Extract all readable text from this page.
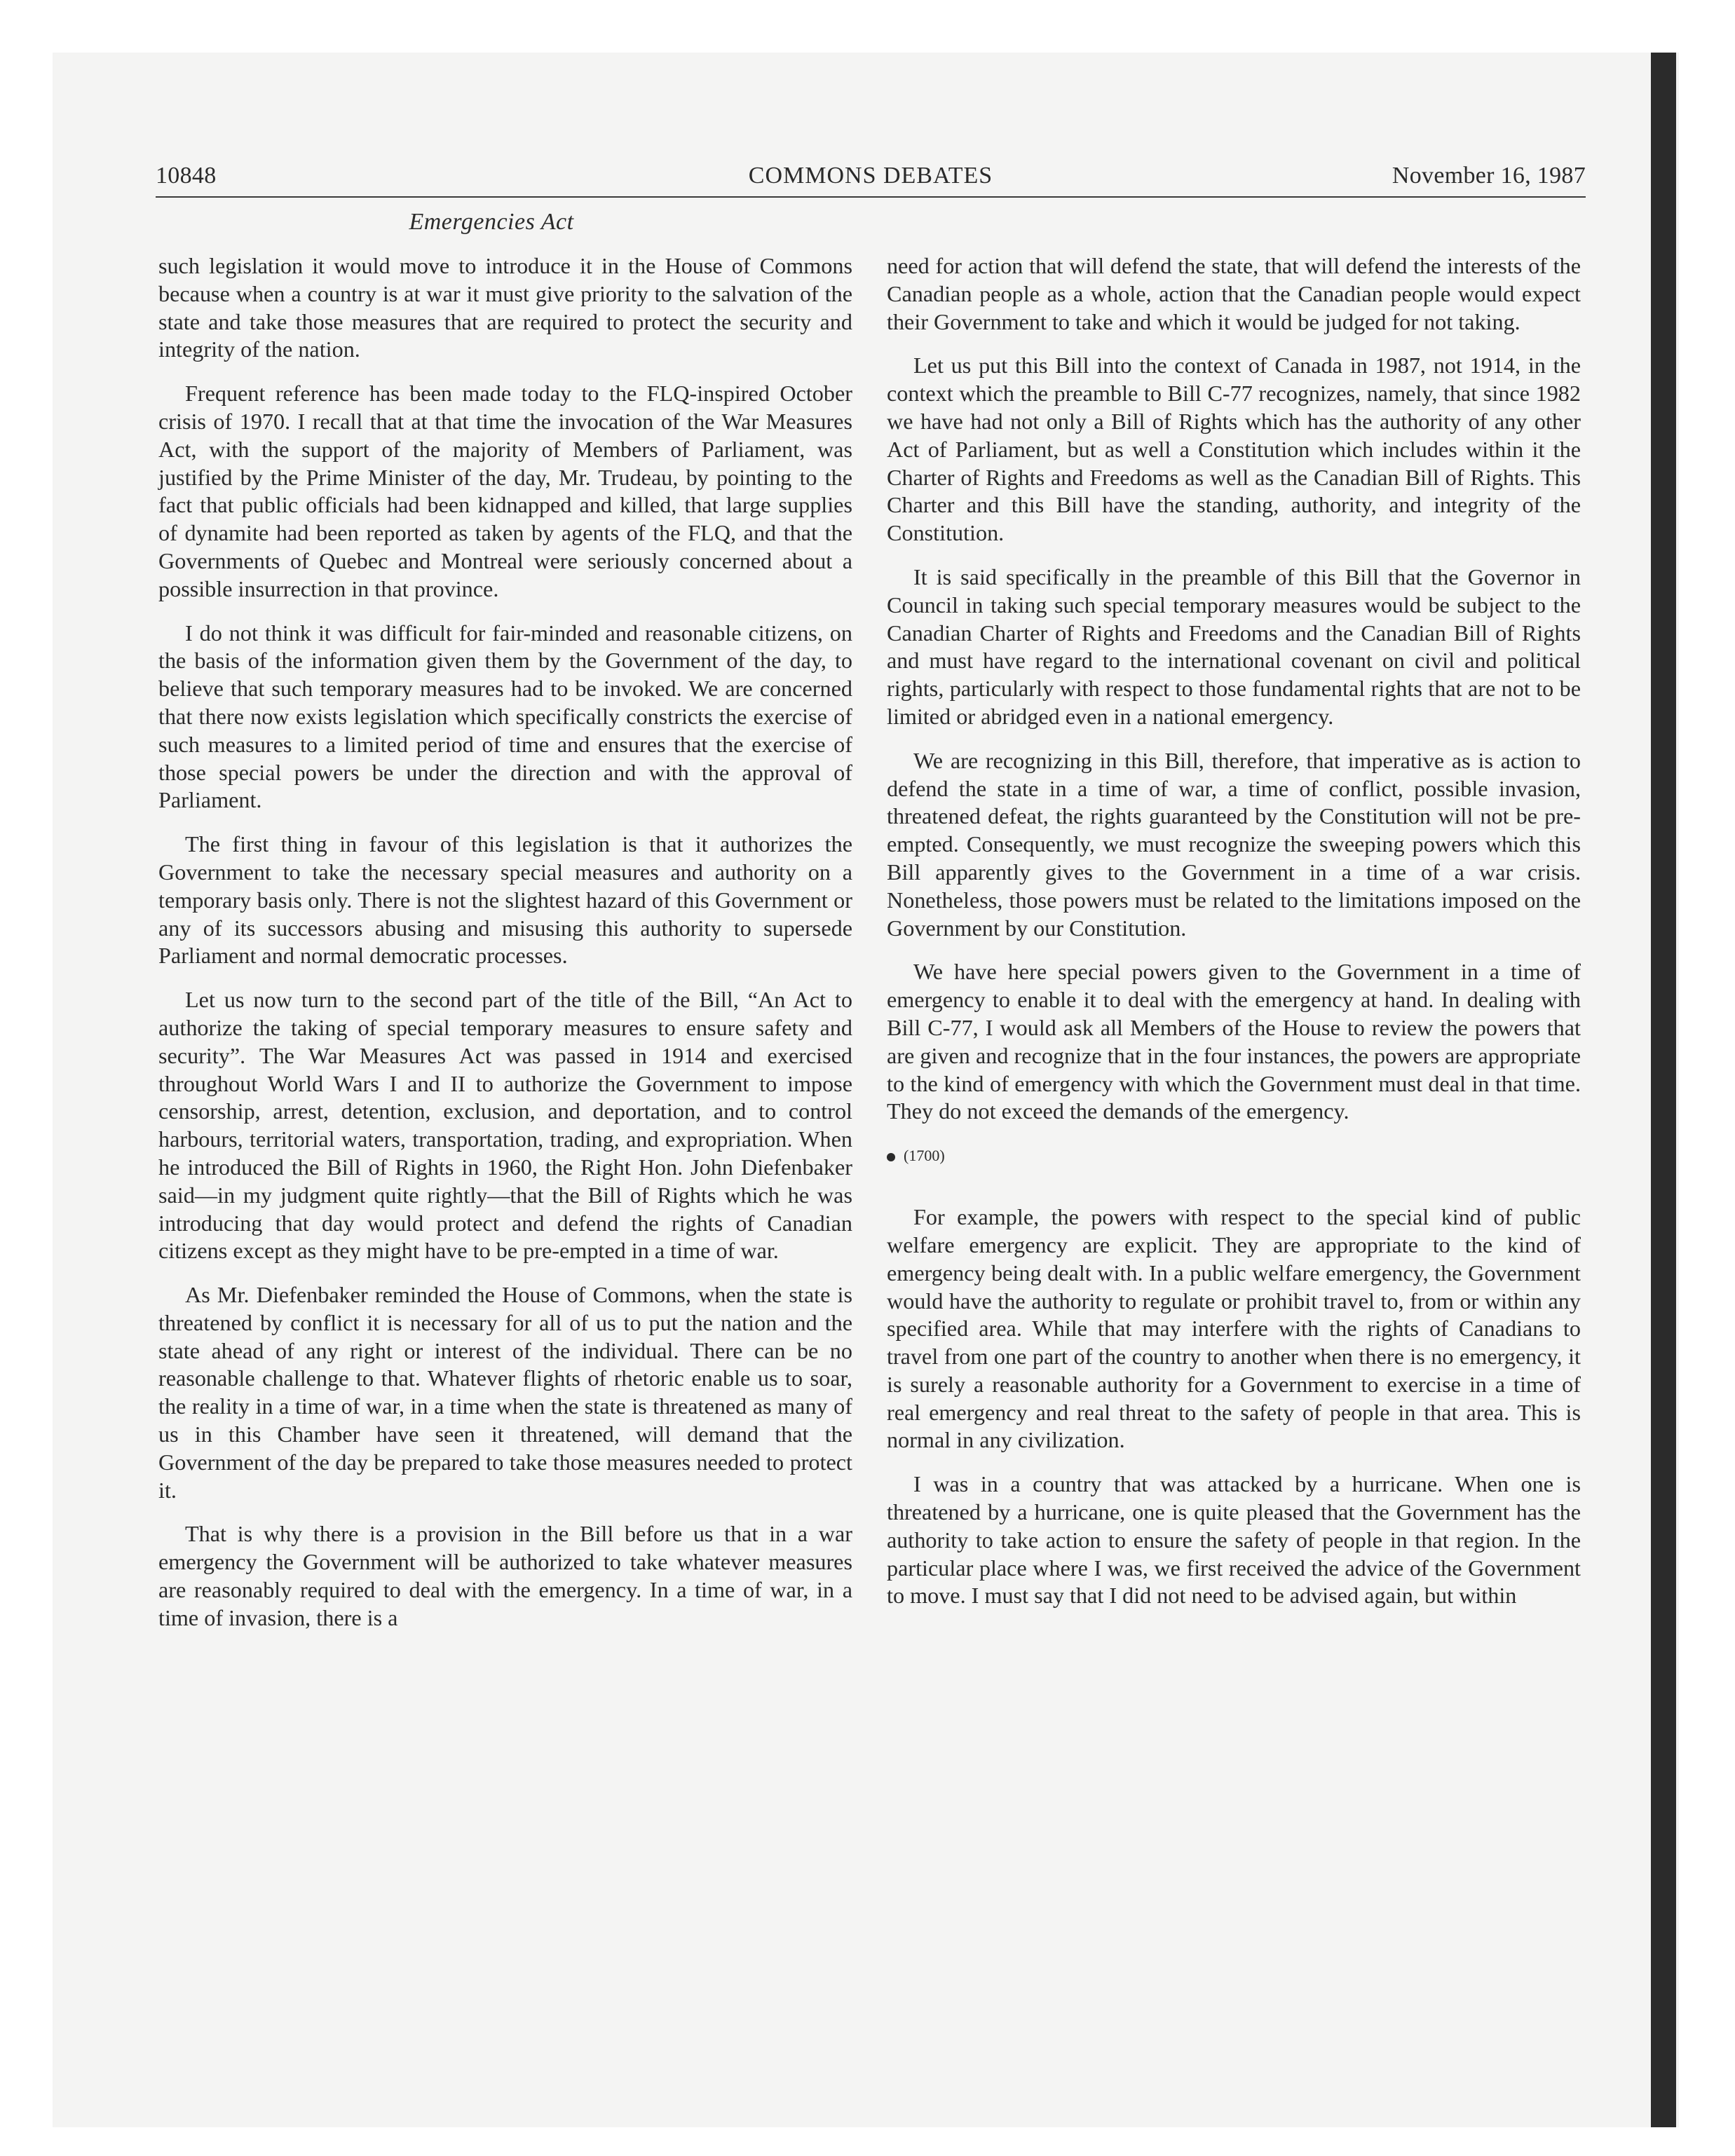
COMMONS DEBATES
10848	November 16, 1987
Emergencies Act

such legislation it would move to introduce it in the House of Commons because when a country is at war it must give priority to the salvation of the state and take those measures that are required to protect the security and integrity of the nation.

Frequent reference has been made today to the FLQ-inspired October crisis of 1970. I recall that at that time the invocation of the War Measures Act, with the support of the majority of Members of Parliament, was justified by the Prime Minister of the day, Mr. Trudeau, by pointing to the fact that public officials had been kidnapped and killed, that large supplies of dynamite had been reported as taken by agents of the FLQ, and that the Governments of Quebec and Montreal were seriously concerned about a possible insurrection in that province.

I do not think it was difficult for fair-minded and reasonable citizens, on the basis of the information given them by the Government of the day, to believe that such temporary measures had to be invoked. We are concerned that there now exists legislation which specifically constricts the exercise of such measures to a limited period of time and ensures that the exercise of those special powers be under the direction and with the approval of Parliament.

The first thing in favour of this legislation is that it authorizes the Government to take the necessary special measures and authority on a temporary basis only. There is not the slightest hazard of this Government or any of its successors abusing and misusing this authority to supersede Parliament and normal democratic processes.

Let us now turn to the second part of the title of the Bill, “An Act to authorize the taking of special temporary measures to ensure safety and security”. The War Measures Act was passed in 1914 and exercised throughout World Wars I and II to authorize the Government to impose censorship, arrest, detention, exclusion, and deportation, and to control harbours, territorial waters, transportation, trading, and expropriation. When he introduced the Bill of Rights in 1960, the Right Hon. John Diefenbaker said—in my judgment quite rightly—that the Bill of Rights which he was introducing that day would protect and defend the rights of Canadian citizens except as they might have to be pre-empted in a time of war.

As Mr. Diefenbaker reminded the House of Commons, when the state is threatened by conflict it is necessary for all of us to put the nation and the state ahead of any right or interest of the individual. There can be no reasonable challenge to that. Whatever flights of rhetoric enable us to soar, the reality in a time of war, in a time when the state is threatened as many of us in this Chamber have seen it threatened, will demand that the Government of the day be prepared to take those measures needed to protect it.

That is why there is a provision in the Bill before us that in a war emergency the Government will be authorized to take whatever measures are reasonably required to deal with the emergency. In a time of war, in a time of invasion, there is a

need for action that will defend the state, that will defend the interests of the Canadian people as a whole, action that the Canadian people would expect their Government to take and which it would be judged for not taking.

Let us put this Bill into the context of Canada in 1987, not 1914, in the context which the preamble to Bill C-77 recognizes, namely, that since 1982 we have had not only a Bill of Rights which has the authority of any other Act of Parliament, but as well a Constitution which includes within it the Charter of Rights and Freedoms as well as the Canadian Bill of Rights. This Charter and this Bill have the standing, authority, and integrity of the Constitution.

It is said specifically in the preamble of this Bill that the Governor in Council in taking such special temporary measures would be subject to the Canadian Charter of Rights and Freedoms and the Canadian Bill of Rights and must have regard to the international covenant on civil and political rights, particularly with respect to those fundamental rights that are not to be limited or abridged even in a national emergency.

We are recognizing in this Bill, therefore, that imperative as is action to defend the state in a time of war, a time of conflict, possible invasion, threatened defeat, the rights guaranteed by the Constitution will not be pre-empted. Consequently, we must recognize the sweeping powers which this Bill apparently gives to the Government in a time of a war crisis. Nonetheless, those powers must be related to the limitations imposed on the Government by our Constitution.

We have here special powers given to the Government in a time of emergency to enable it to deal with the emergency at hand. In dealing with Bill C-77, I would ask all Members of the House to review the powers that are given and recognize that in the four instances, the powers are appropriate to the kind of emergency with which the Government must deal in that time. They do not exceed the demands of the emergency.

(1700)

For example, the powers with respect to the special kind of public welfare emergency are explicit. They are appropriate to the kind of emergency being dealt with. In a public welfare emergency, the Government would have the authority to regulate or prohibit travel to, from or within any specified area. While that may interfere with the rights of Canadians to travel from one part of the country to another when there is no emergency, it is surely a reasonable authority for a Government to exercise in a time of real emergency and real threat to the safety of people in that area. This is normal in any civilization.

I was in a country that was attacked by a hurricane. When one is threatened by a hurricane, one is quite pleased that the Government has the authority to take action to ensure the safety of people in that region. In the particular place where I was, we first received the advice of the Government to move. I must say that I did not need to be advised again, but within
